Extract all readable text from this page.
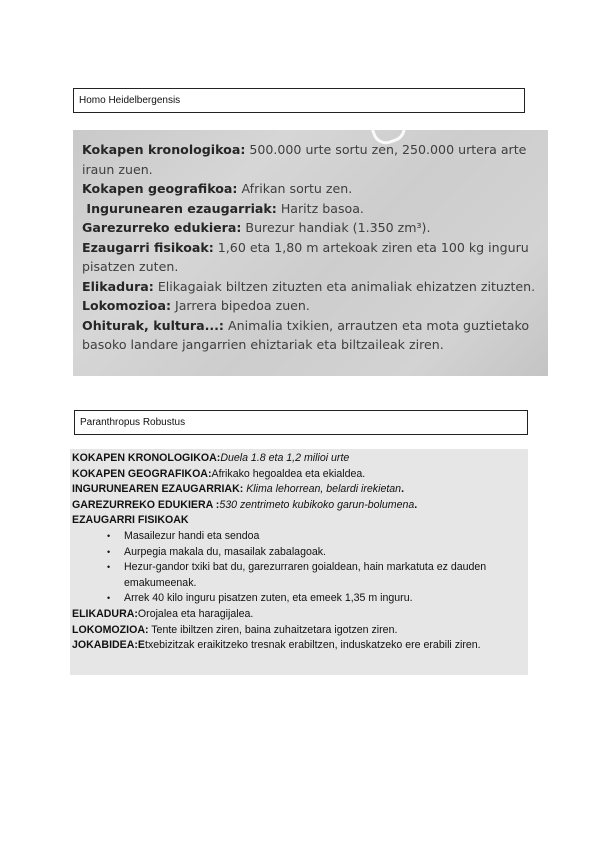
Homo Heidelbergensis

Kokapen kronologikoa: 500.000 urte sortu zen, 250.000 urtera arte iraun zuen.

Kokapen geografikoa: Afrikan sortu zen.

Ingurunearen ezaugarriak: Haritz basoa.

Garezurreko edukiera: Burezur handiak (1.350 zm³).

Ezaugarri fisikoak: 1,60 eta 1,80 m artekoak ziren eta 100 kg inguru pisatzen zuten.

Elikadura: Elikagaiak biltzen zituzten eta animaliak ehizatzen zituzten.

Lokomozioa: Jarrera bipedoa zuen.

Ohiturak, kultura...: Animalia txikien, arrautzen eta mota guztietako basoko landare jangarrien ehiztariak eta biltzaileak ziren.

Paranthropus Robustus

KOKAPEN KRONOLOGIKOA:Duela 1.8 eta 1,2 milioi urte

KOKAPEN GEOGRAFIKOA:Afrikako hegoaldea eta ekialdea.

INGURUNEAREN EZAUGARRIAK: Klima lehorrean, belardi irekietan.

GAREZURREKO EDUKIERA :530 zentrimeto kubikoko garun-bolumena.

EZAUGARRI FISIKOAK

• Masailezur handi eta sendoa
• Aurpegia makala du, masailak zabalagoak.
• Hezur-gandor txiki bat du, garezurraren goialdean, hain markatuta ez dauden emakumeenak.
• Arrek 40 kilo inguru pisatzen zuten, eta emeek 1,35 m inguru.

ELIKADURA:Orojalea eta haragijalea.

LOKOMOZIOA: Tente ibiltzen ziren, baina zuhaitzetara igotzen ziren.

JOKABIDEA:Etxebizitzak eraikitzeko tresnak erabiltzen, induskatzeko ere erabili ziren.
